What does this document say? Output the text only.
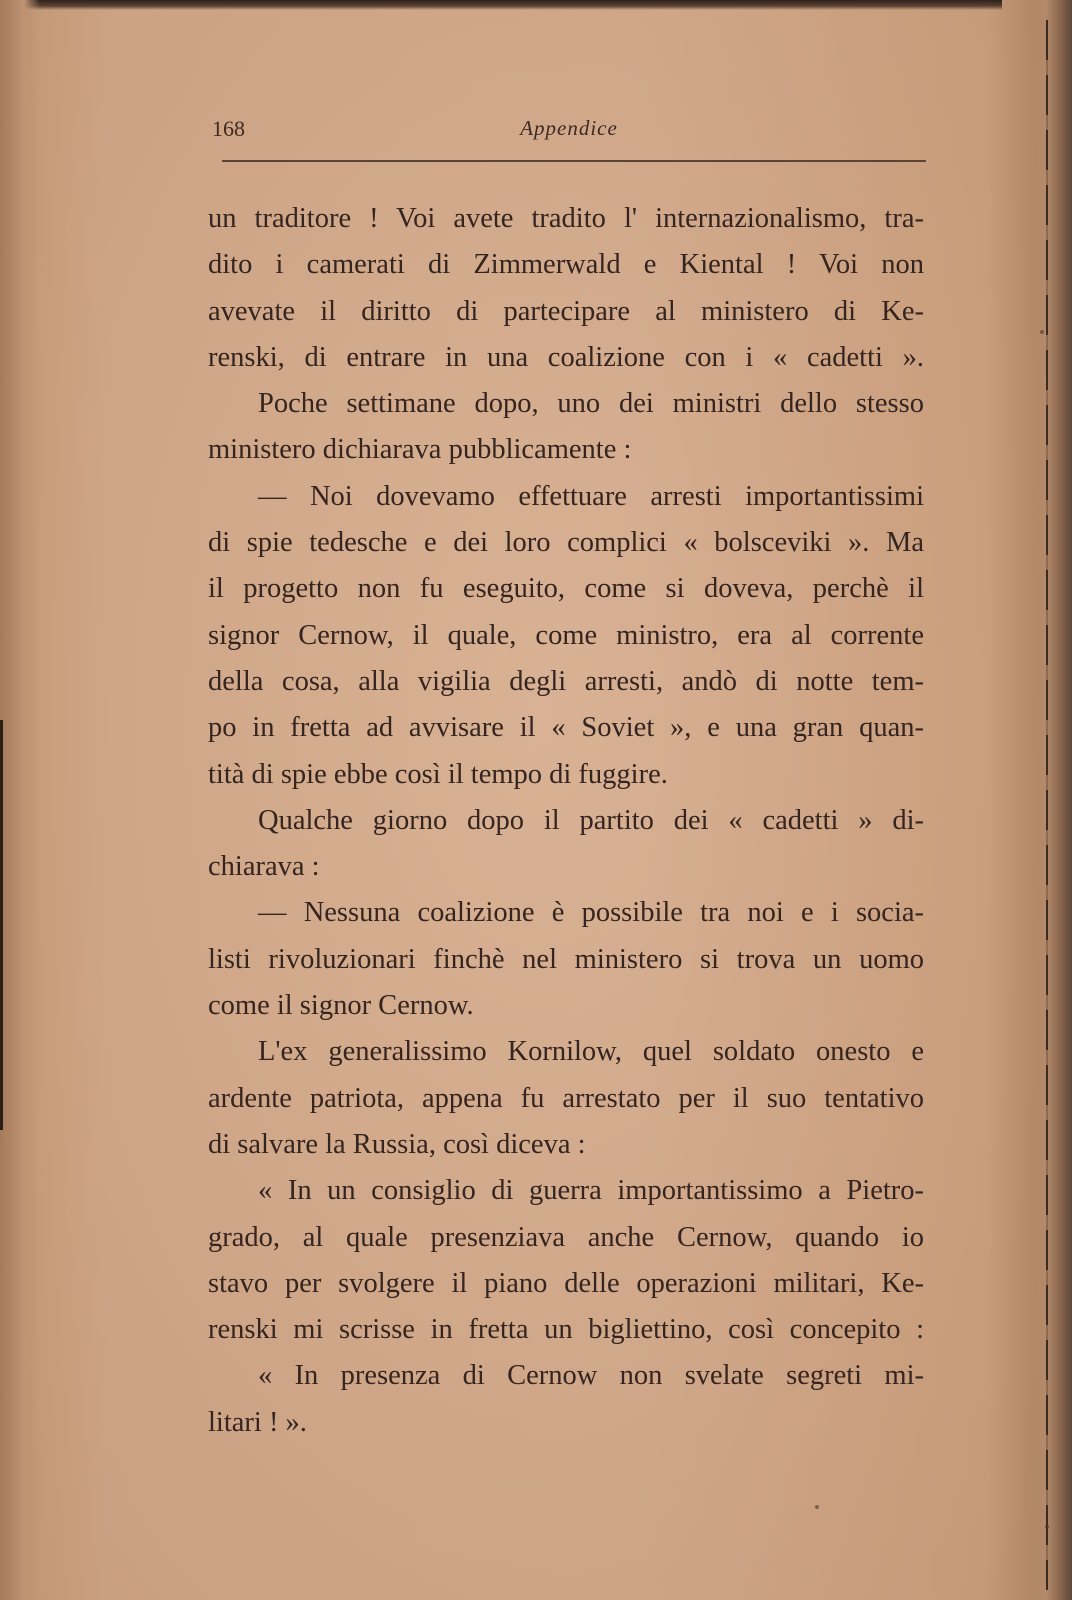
168	Appendice
un traditore ! Voi avete tradito l' internazionalismo, tra-
dito i camerati di Zimmerwald e Kiental ! Voi non
avevate il diritto di partecipare al ministero di Ke-
renski, di entrare in una coalizione con i « cadetti ».
Poche settimane dopo, uno dei ministri dello stesso
ministero dichiarava pubblicamente :
— Noi dovevamo effettuare arresti importantissimi
di spie tedesche e dei loro complici « bolsceviki ». Ma
il progetto non fu eseguito, come si doveva, perchè il
signor Cernow, il quale, come ministro, era al corrente
della cosa, alla vigilia degli arresti, andò di notte tem-
po in fretta ad avvisare il « Soviet », e una gran quan-
tità di spie ebbe così il tempo di fuggire.
Qualche giorno dopo il partito dei « cadetti » di-
chiarava :
— Nessuna coalizione è possibile tra noi e i socia-
listi rivoluzionari finchè nel ministero si trova un uomo
come il signor Cernow.
L'ex generalissimo Kornilow, quel soldato onesto e
ardente patriota, appena fu arrestato per il suo tentativo
di salvare la Russia, così diceva :
« In un consiglio di guerra importantissimo a Pietro-
grado, al quale presenziava anche Cernow, quando io
stavo per svolgere il piano delle operazioni militari, Ke-
renski mi scrisse in fretta un bigliettino, così concepito :
« In presenza di Cernow non svelate segreti mi-
litari ! ».
